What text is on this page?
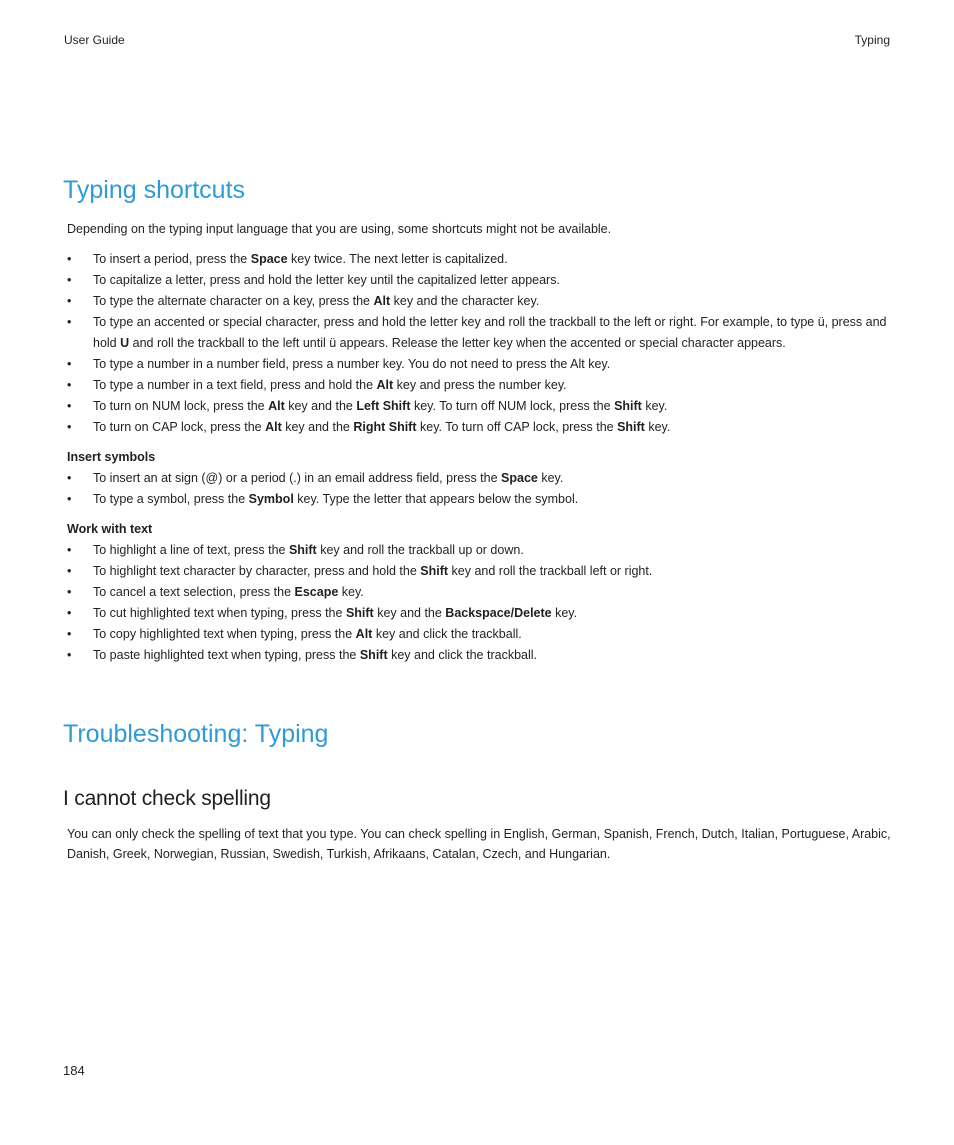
User Guide	Typing
Typing shortcuts
Depending on the typing input language that you are using, some shortcuts might not be available.
• To insert a period, press the Space key twice. The next letter is capitalized.
• To capitalize a letter, press and hold the letter key until the capitalized letter appears.
• To type the alternate character on a key, press the Alt key and the character key.
• To type an accented or special character, press and hold the letter key and roll the trackball to the left or right. For example, to type ü, press and hold U and roll the trackball to the left until ü appears. Release the letter key when the accented or special character appears.
• To type a number in a number field, press a number key. You do not need to press the Alt key.
• To type a number in a text field, press and hold the Alt key and press the number key.
• To turn on NUM lock, press the Alt key and the Left Shift key. To turn off NUM lock, press the Shift key.
• To turn on CAP lock, press the Alt key and the Right Shift key. To turn off CAP lock, press the Shift key.
Insert symbols
• To insert an at sign (@) or a period (.) in an email address field, press the Space key.
• To type a symbol, press the Symbol key. Type the letter that appears below the symbol.
Work with text
• To highlight a line of text, press the Shift key and roll the trackball up or down.
• To highlight text character by character, press and hold the Shift key and roll the trackball left or right.
• To cancel a text selection, press the Escape key.
• To cut highlighted text when typing, press the Shift key and the Backspace/Delete key.
• To copy highlighted text when typing, press the Alt key and click the trackball.
• To paste highlighted text when typing, press the Shift key and click the trackball.
Troubleshooting: Typing
I cannot check spelling
You can only check the spelling of text that you type. You can check spelling in English, German, Spanish, French, Dutch, Italian, Portuguese, Arabic, Danish, Greek, Norwegian, Russian, Swedish, Turkish, Afrikaans, Catalan, Czech, and Hungarian.
184
